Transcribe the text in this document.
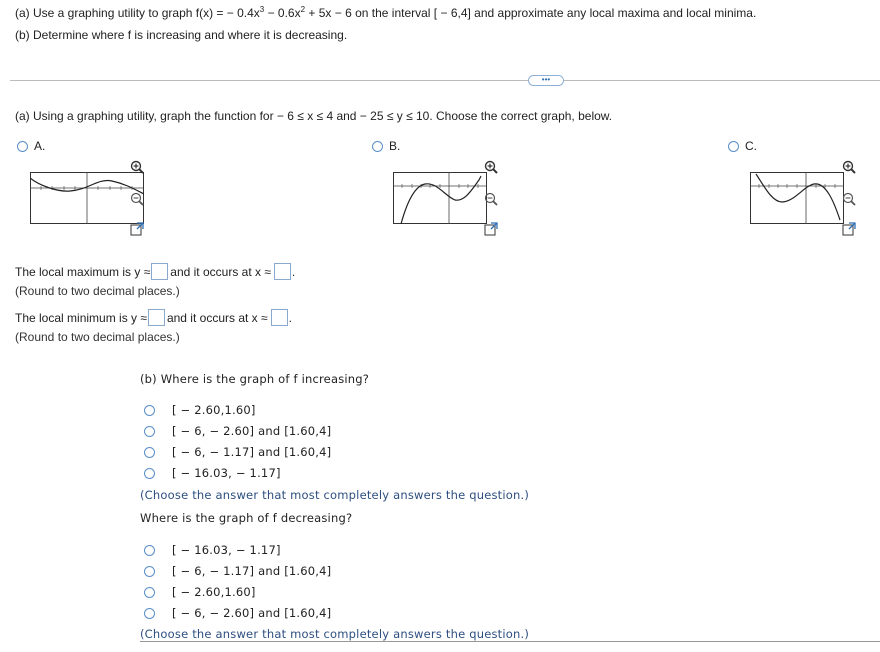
(a) Use a graphing utility to graph f(x) = − $0.4x^3 - 0.6x^2 + 5x - 6$ on the interval [ − 6,4] and approximate any local maxima and local minima.
(b) Determine where f is increasing and where it is decreasing.
•••
(a) Using a graphing utility, graph the function for − 6 ≤ x ≤ 4 and − 25 ≤ y ≤ 10. Choose the correct graph, below.
A.	B.	C.
The local maximum is y ≈ and it occurs at x ≈ .
(Round to two decimal places.)
The local minimum is y ≈ and it occurs at x ≈ .
(Round to two decimal places.)
(b) Where is the graph of f increasing?
[ − 2.60,1.60]
[ − 6, − 2.60] and [1.60,4]
[ − 6, − 1.17] and [1.60,4]
[ − 16.03, − 1.17]
(Choose the answer that most completely answers the question.)
Where is the graph of f decreasing?
[ − 16.03, − 1.17]
[ − 6, − 1.17] and [1.60,4]
[ − 2.60,1.60]
[ − 6, − 2.60] and [1.60,4]
(Choose the answer that most completely answers the question.)
